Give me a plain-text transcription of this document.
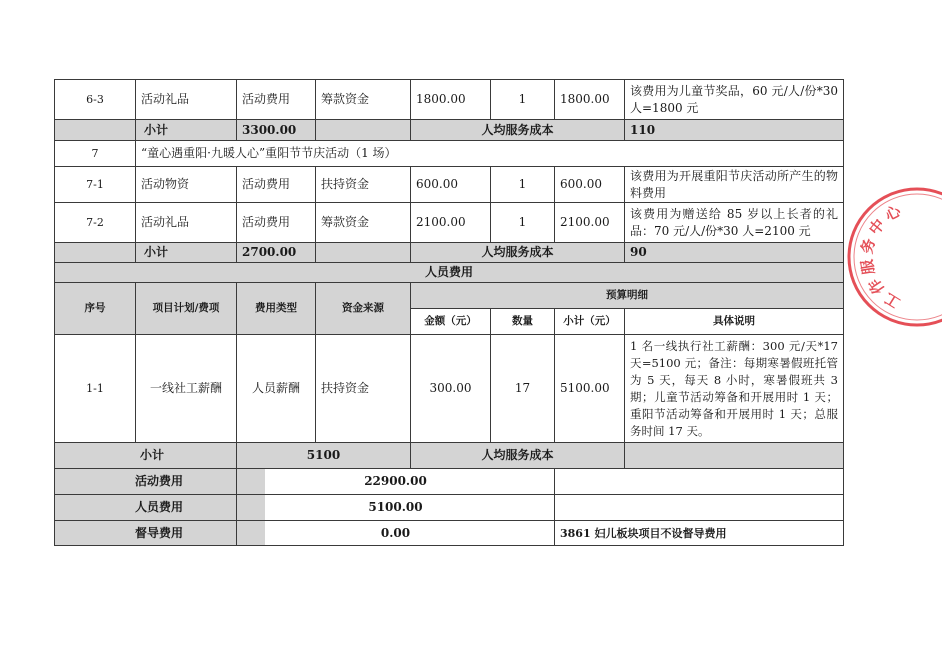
6-3	活动礼品	活动费用	筹款资金	1800.00	1	1800.00	该费用为儿童节奖品，60 元/人/份*30 人=1800 元
	小计	3300.00		人均服务成本			110
7	“童心遇重阳·九暖人心”重阳节节庆活动（1 场）						
7-1	活动物资	活动费用	扶持资金	600.00	1	600.00	该费用为开展重阳节庆活动所产生的物料费用
7-2	活动礼品	活动费用	筹款资金	2100.00	1	2100.00	该费用为赠送给 85 岁以上长者的礼品：70 元/人/份*30 人=2100 元
	小计	2700.00		人均服务成本			90
人员费用							
序号	项目计划/费项	费用类型	资金来源	预算明细			
				金额（元）	数量	小计（元）	具体说明
1-1	一线社工薪酬	人员薪酬	扶持资金	300.00	17	5100.00	1 名一线执行社工薪酬：300 元/天*17 天=5100 元；备注：每期寒暑假班托管为 5 天，每天 8 小时，寒暑假班共 3 期；儿童节活动筹备和开展用时 1 天；重阳节活动筹备和开展用时 1 天；总服务时间 17 天。
小计		5100		人均服务成本			
活动费用		22900.00					
人员费用		5100.00					
督导费用		0.00				3861 妇儿板块项目不设督导费用	
工作服务中心
